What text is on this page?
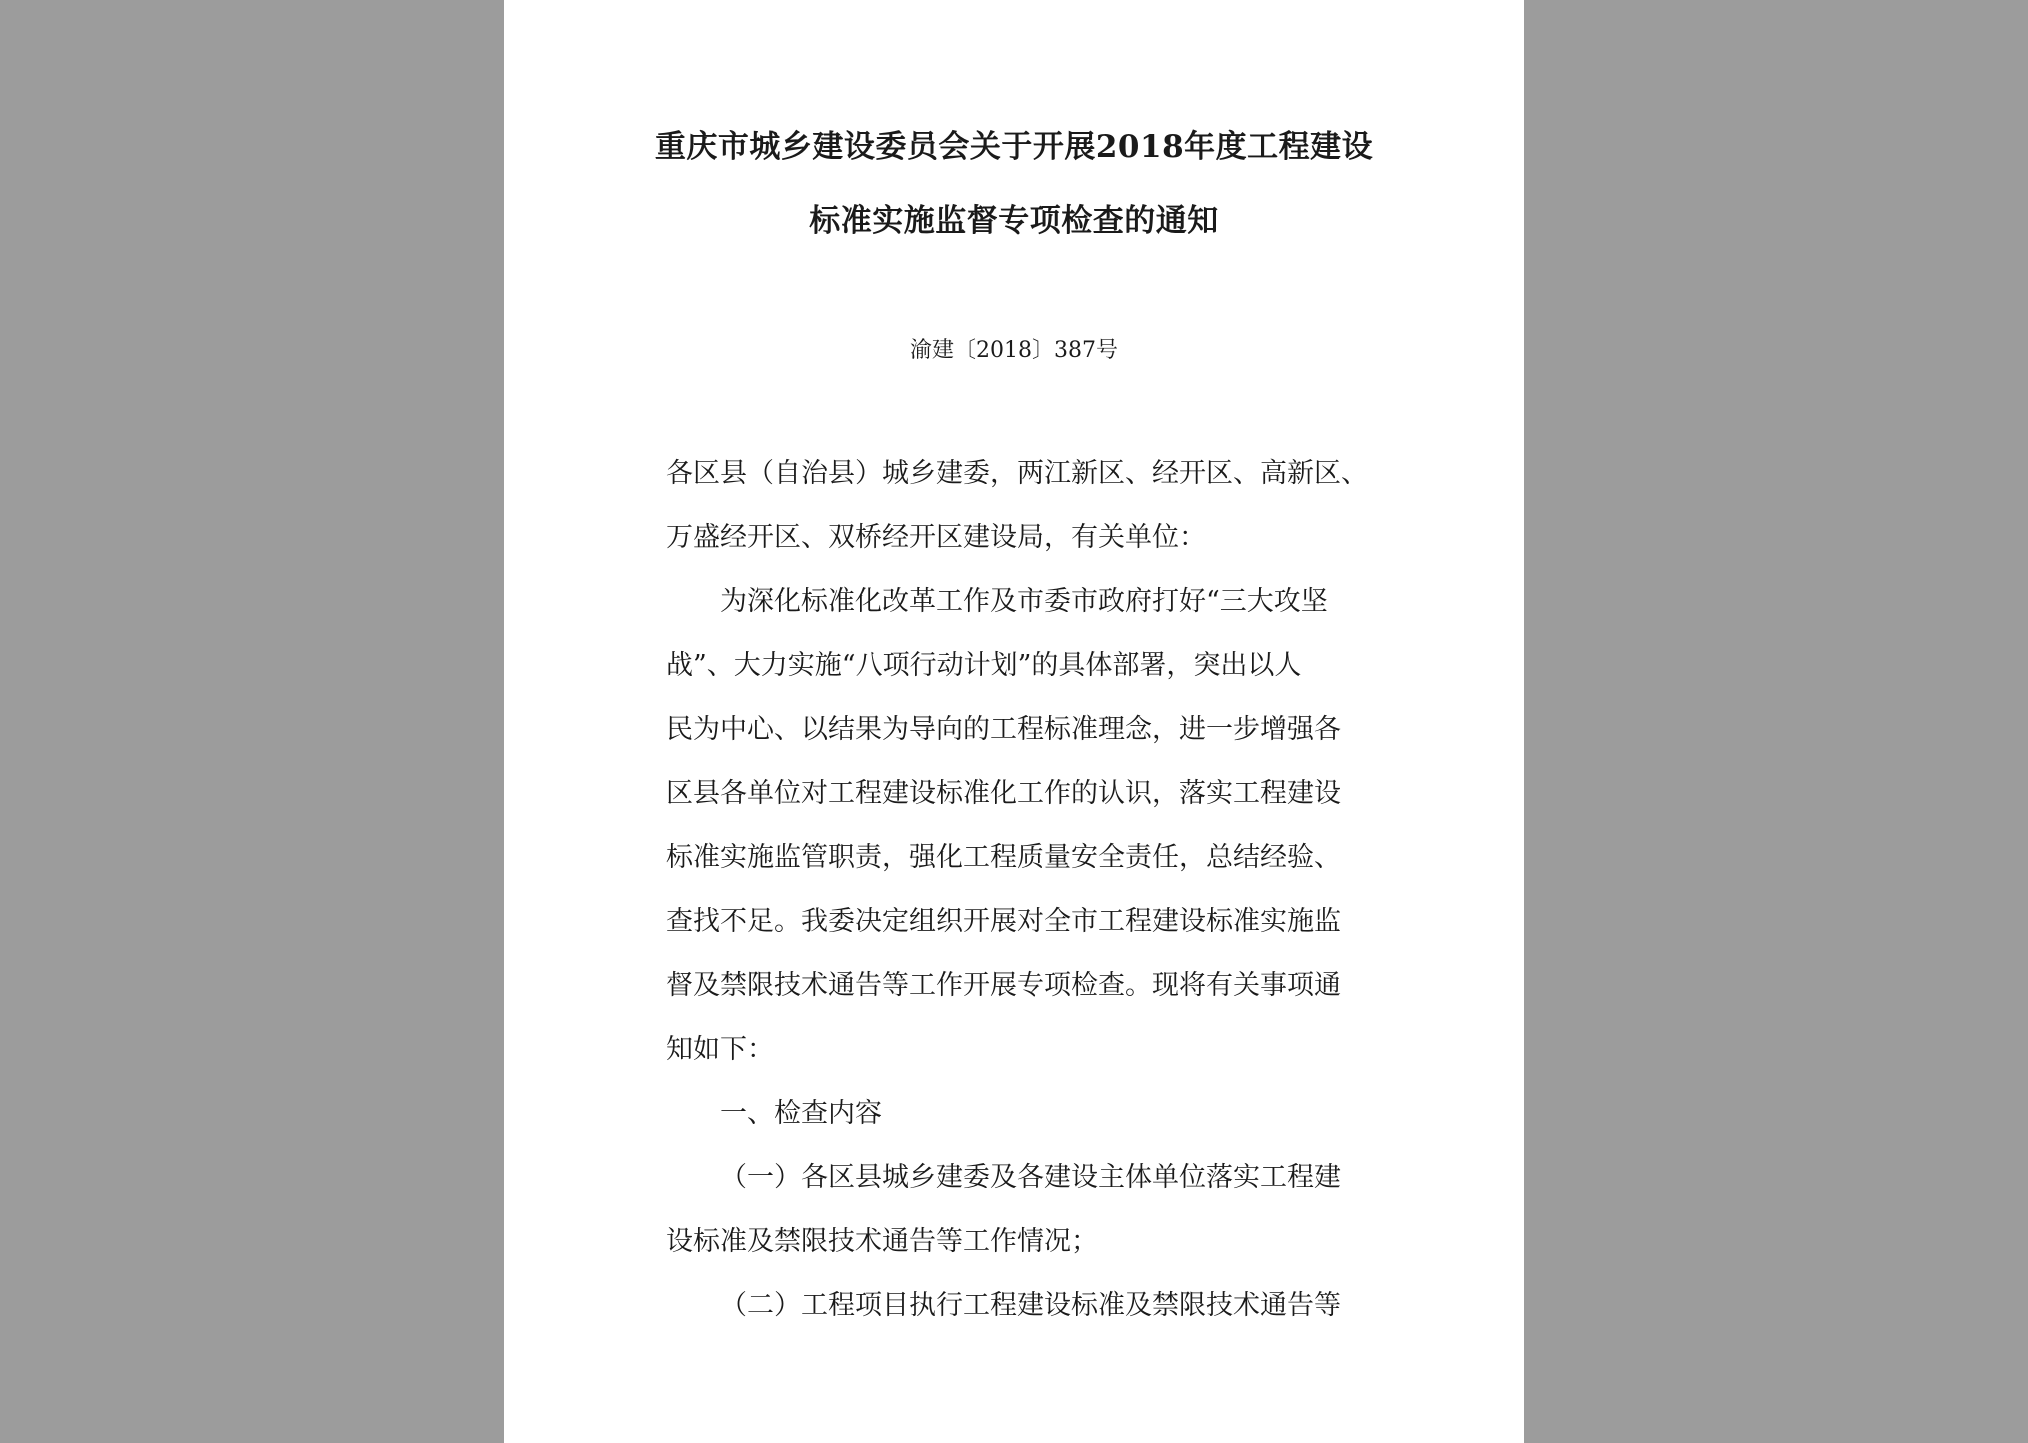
重庆市城乡建设委员会关于开展2018年度工程建设
标准实施监督专项检查的通知
渝建〔2018〕387号
各区县（自治县）城乡建委，两江新区、经开区、高新区、
万盛经开区、双桥经开区建设局，有关单位：
为深化标准化改革工作及市委市政府打好“三大攻坚
战”、大力实施“八项行动计划”的具体部署，突出以人
民为中心、以结果为导向的工程标准理念，进一步增强各
区县各单位对工程建设标准化工作的认识，落实工程建设
标准实施监管职责，强化工程质量安全责任，总结经验、
查找不足。我委决定组织开展对全市工程建设标准实施监
督及禁限技术通告等工作开展专项检查。现将有关事项通
知如下：
一、检查内容
（一）各区县城乡建委及各建设主体单位落实工程建
设标准及禁限技术通告等工作情况；
（二）工程项目执行工程建设标准及禁限技术通告等
